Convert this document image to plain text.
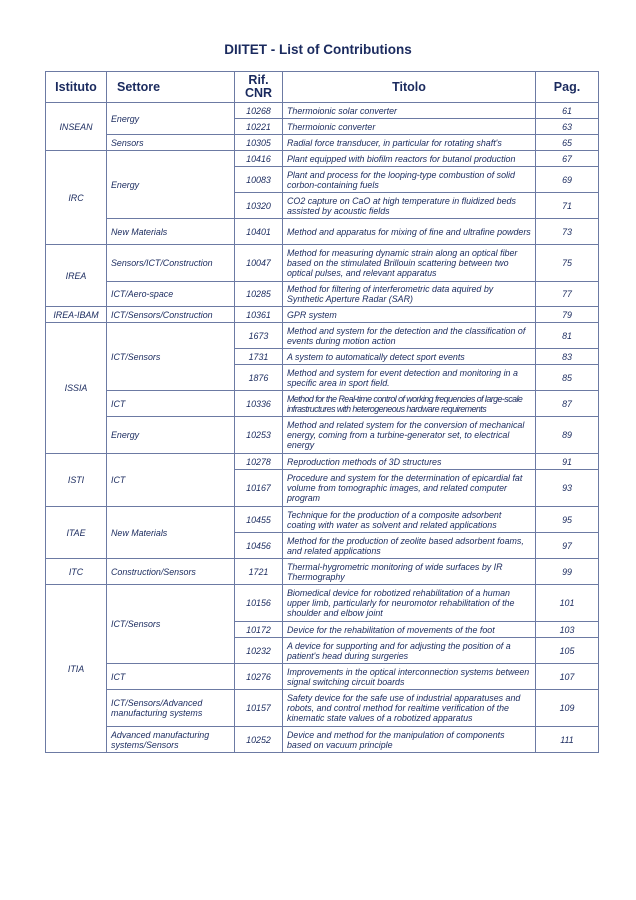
DIITET - List of Contributions
Istituto	Settore	Rif. CNR	Titolo	Pag.
INSEAN	Energy	10268	Thermoionic solar converter	61
		10221	Thermoionic converter	63
	Sensors	10305	Radial force transducer, in particular for rotating shaft's	65
IRC	Energy	10416	Plant equipped with biofilm reactors for butanol production	67
		10083	Plant and process for the looping-type combustion of solid corbon-containing fuels	69
		10320	CO2 capture on CaO at high temperature in fluidized beds assisted by acoustic fields	71
	New Materials	10401	Method and apparatus for mixing of fine and ultrafine powders	73
IREA	Sensors/ICT/Construction	10047	Method for measuring dynamic strain along an optical fiber based on the stimulated Brillouin scattering between two optical pulses, and relevant apparatus	75
	ICT/Aero-space	10285	Method for filtering of interferometric data aquired by Synthetic Aperture Radar (SAR)	77
IREA-IBAM	ICT/Sensors/Construction	10361	GPR system	79
ISSIA	ICT/Sensors	1673	Method and system for the detection and the classification of events during motion action	81
		1731	A system to automatically detect sport events	83
		1876	Method and system for event detection and monitoring in a specific area in sport field.	85
	ICT	10336	Method for the Real-time control of working frequencies of large-scale infrastructures with heterogeneous hardware requirements	87
	Energy	10253	Method and related system for the conversion of mechanical energy, coming from a turbine-generator set, to electrical energy	89
ISTI	ICT	10278	Reproduction methods of 3D structures	91
		10167	Procedure and system for the determination of epicardial fat volume from tomographic images, and related computer program	93
ITAE	New Materials	10455	Technique for the production of a composite adsorbent coating with water as solvent and related applications	95
		10456	Method for the production of zeolite based adsorbent foams, and related applications	97
ITC	Construction/Sensors	1721	Thermal-hygrometric monitoring of wide surfaces by IR Thermography	99
ITIA	ICT/Sensors	10156	Biomedical device for robotized rehabilitation of a human upper limb, particularly for neuromotor rehabilitation of the shoulder and elbow joint	101
		10172	Device for the rehabilitation of movements of the foot	103
		10232	A device for supporting and for adjusting the position of a patient's head during surgeries	105
	ICT	10276	Improvements in the optical interconnection systems between signal switching circuit boards	107
	ICT/Sensors/Advanced manufacturing systems	10157	Safety device for the safe use of industrial apparatuses and robots, and control method for realtime verification of the kinematic state values of a robotized apparatus	109
	Advanced manufacturing systems/Sensors	10252	Device and method for the manipulation of components based on vacuum principle	111
